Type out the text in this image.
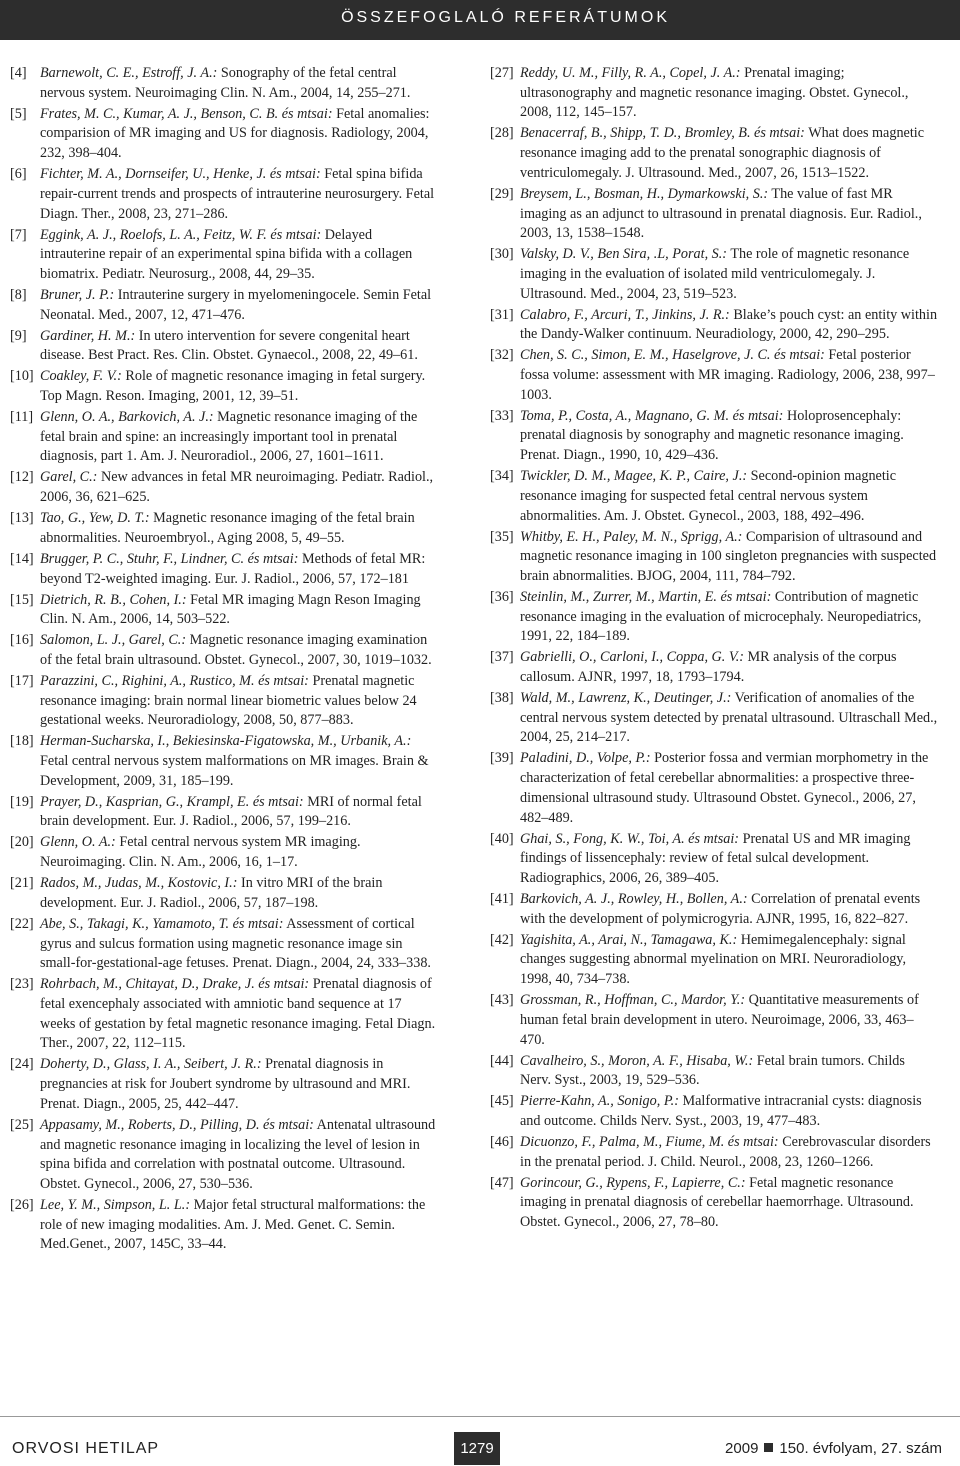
ÖSSZEFOGLALÓ REFERÁTUMOK
[4] Barnewolt, C. E., Estroff, J. A.: Sonography of the fetal central nervous system. Neuroimaging Clin. N. Am., 2004, 14, 255–271.
[5] Frates, M. C., Kumar, A. J., Benson, C. B. és mtsai: Fetal anomalies: comparision of MR imaging and US for diagnosis. Radiology, 2004, 232, 398–404.
[6] Fichter, M. A., Dornseifer, U., Henke, J. és mtsai: Fetal spina bifida repair-current trends and prospects of intrauterine neurosurgery. Fetal Diagn. Ther., 2008, 23, 271–286.
[7] Eggink, A. J., Roelofs, L. A., Feitz, W. F. és mtsai: Delayed intrauterine repair of an experimental spina bifida with a collagen biomatrix. Pediatr. Neurosurg., 2008, 44, 29–35.
[8] Bruner, J. P.: Intrauterine surgery in myelomeningocele. Semin Fetal Neonatal. Med., 2007, 12, 471–476.
[9] Gardiner, H. M.: In utero intervention for severe congenital heart disease. Best Pract. Res. Clin. Obstet. Gynaecol., 2008, 22, 49–61.
[10] Coakley, F. V.: Role of magnetic resonance imaging in fetal surgery. Top Magn. Reson. Imaging, 2001, 12, 39–51.
[11] Glenn, O. A., Barkovich, A. J.: Magnetic resonance imaging of the fetal brain and spine: an increasingly important tool in prenatal diagnosis, part 1. Am. J. Neuroradiol., 2006, 27, 1601–1611.
[12] Garel, C.: New advances in fetal MR neuroimaging. Pediatr. Radiol., 2006, 36, 621–625.
[13] Tao, G., Yew, D. T.: Magnetic resonance imaging of the fetal brain abnormalities. Neuroembryol., Aging 2008, 5, 49–55.
[14] Brugger, P. C., Stuhr, F., Lindner, C. és mtsai: Methods of fetal MR: beyond T2-weighted imaging. Eur. J. Radiol., 2006, 57, 172–181
[15] Dietrich, R. B., Cohen, I.: Fetal MR imaging Magn Reson Imaging Clin. N. Am., 2006, 14, 503–522.
[16] Salomon, L. J., Garel, C.: Magnetic resonance imaging examination of the fetal brain ultrasound. Obstet. Gynecol., 2007, 30, 1019–1032.
[17] Parazzini, C., Righini, A., Rustico, M. és mtsai: Prenatal magnetic resonance imaging: brain normal linear biometric values below 24 gestational weeks. Neuroradiology, 2008, 50, 877–883.
[18] Herman-Sucharska, I., Bekiesinska-Figatowska, M., Urbanik, A.: Fetal central nervous system malformations on MR images. Brain & Development, 2009, 31, 185–199.
[19] Prayer, D., Kasprian, G., Krampl, E. és mtsai: MRI of normal fetal brain development. Eur. J. Radiol., 2006, 57, 199–216.
[20] Glenn, O. A.: Fetal central nervous system MR imaging. Neuroimaging. Clin. N. Am., 2006, 16, 1–17.
[21] Rados, M., Judas, M., Kostovic, I.: In vitro MRI of the brain development. Eur. J. Radiol., 2006, 57, 187–198.
[22] Abe, S., Takagi, K., Yamamoto, T. és mtsai: Assessment of cortical gyrus and sulcus formation using magnetic resonance image sin small-for-gestational-age fetuses. Prenat. Diagn., 2004, 24, 333–338.
[23] Rohrbach, M., Chitayat, D., Drake, J. és mtsai: Prenatal diagnosis of fetal exencephaly associated with amniotic band sequence at 17 weeks of gestation by fetal magnetic resonance imaging. Fetal Diagn. Ther., 2007, 22, 112–115.
[24] Doherty, D., Glass, I. A., Seibert, J. R.: Prenatal diagnosis in pregnancies at risk for Joubert syndrome by ultrasound and MRI. Prenat. Diagn., 2005, 25, 442–447.
[25] Appasamy, M., Roberts, D., Pilling, D. és mtsai: Antenatal ultrasound and magnetic resonance imaging in localizing the level of lesion in spina bifida and correlation with postnatal outcome. Ultrasound. Obstet. Gynecol., 2006, 27, 530–536.
[26] Lee, Y. M., Simpson, L. L.: Major fetal structural malformations: the role of new imaging modalities. Am. J. Med. Genet. C. Semin. Med.Genet., 2007, 145C, 33–44.
[27] Reddy, U. M., Filly, R. A., Copel, J. A.: Prenatal imaging; ultrasonography and magnetic resonance imaging. Obstet. Gynecol., 2008, 112, 145–157.
[28] Benacerraf, B., Shipp, T. D., Bromley, B. és mtsai: What does magnetic resonance imaging add to the prenatal sonographic diagnosis of ventriculomegaly. J. Ultrasound. Med., 2007, 26, 1513–1522.
[29] Breysem, L., Bosman, H., Dymarkowski, S.: The value of fast MR imaging as an adjunct to ultrasound in prenatal diagnosis. Eur. Radiol., 2003, 13, 1538–1548.
[30] Valsky, D. V., Ben Sira, .L, Porat, S.: The role of magnetic resonance imaging in the evaluation of isolated mild ventriculomegaly. J. Ultrasound. Med., 2004, 23, 519–523.
[31] Calabro, F., Arcuri, T., Jinkins, J. R.: Blake’s pouch cyst: an entity within the Dandy-Walker continuum. Neuradiology, 2000, 42, 290–295.
[32] Chen, S. C., Simon, E. M., Haselgrove, J. C. és mtsai: Fetal posterior fossa volume: assessment with MR imaging. Radiology, 2006, 238, 997–1003.
[33] Toma, P., Costa, A., Magnano, G. M. és mtsai: Holoprosencephaly: prenatal diagnosis by sonography and magnetic resonance imaging. Prenat. Diagn., 1990, 10, 429–436.
[34] Twickler, D. M., Magee, K. P., Caire, J.: Second-opinion magnetic resonance imaging for suspected fetal central nervous system abnormalities. Am. J. Obstet. Gynecol., 2003, 188, 492–496.
[35] Whitby, E. H., Paley, M. N., Sprigg, A.: Comparision of ultrasound and magnetic resonance imaging in 100 singleton pregnancies with suspected brain abnormalities. BJOG, 2004, 111, 784–792.
[36] Steinlin, M., Zurrer, M., Martin, E. és mtsai: Contribution of magnetic resonance imaging in the evaluation of microcephaly. Neuropediatrics, 1991, 22, 184–189.
[37] Gabrielli, O., Carloni, I., Coppa, G. V.: MR analysis of the corpus callosum. AJNR, 1997, 18, 1793–1794.
[38] Wald, M., Lawrenz, K., Deutinger, J.: Verification of anomalies of the central nervous system detected by prenatal ultrasound. Ultraschall Med., 2004, 25, 214–217.
[39] Paladini, D., Volpe, P.: Posterior fossa and vermian morphometry in the characterization of fetal cerebellar abnormalities: a prospective three-dimensional ultrasound study. Ultrasound Obstet. Gynecol., 2006, 27, 482–489.
[40] Ghai, S., Fong, K. W., Toi, A. és mtsai: Prenatal US and MR imaging findings of lissencephaly: review of fetal sulcal development. Radiographics, 2006, 26, 389–405.
[41] Barkovich, A. J., Rowley, H., Bollen, A.: Correlation of prenatal events with the development of polymicrogyria. AJNR, 1995, 16, 822–827.
[42] Yagishita, A., Arai, N., Tamagawa, K.: Hemimegalencephaly: signal changes suggesting abnormal myelination on MRI. Neuroradiology, 1998, 40, 734–738.
[43] Grossman, R., Hoffman, C., Mardor, Y.: Quantitative measurements of human fetal brain development in utero. Neuroimage, 2006, 33, 463–470.
[44] Cavalheiro, S., Moron, A. F., Hisaba, W.: Fetal brain tumors. Childs Nerv. Syst., 2003, 19, 529–536.
[45] Pierre-Kahn, A., Sonigo, P.: Malformative intracranial cysts: diagnosis and outcome. Childs Nerv. Syst., 2003, 19, 477–483.
[46] Dicuonzo, F., Palma, M., Fiume, M. és mtsai: Cerebrovascular disorders in the prenatal period. J. Child. Neurol., 2008, 23, 1260–1266.
[47] Gorincour, G., Rypens, F., Lapierre, C.: Fetal magnetic resonance imaging in prenatal diagnosis of cerebellar haemorrhage. Ultrasound. Obstet. Gynecol., 2006, 27, 78–80.
ORVOSI HETILAP	1279	2009 150. évfolyam, 27. szám
